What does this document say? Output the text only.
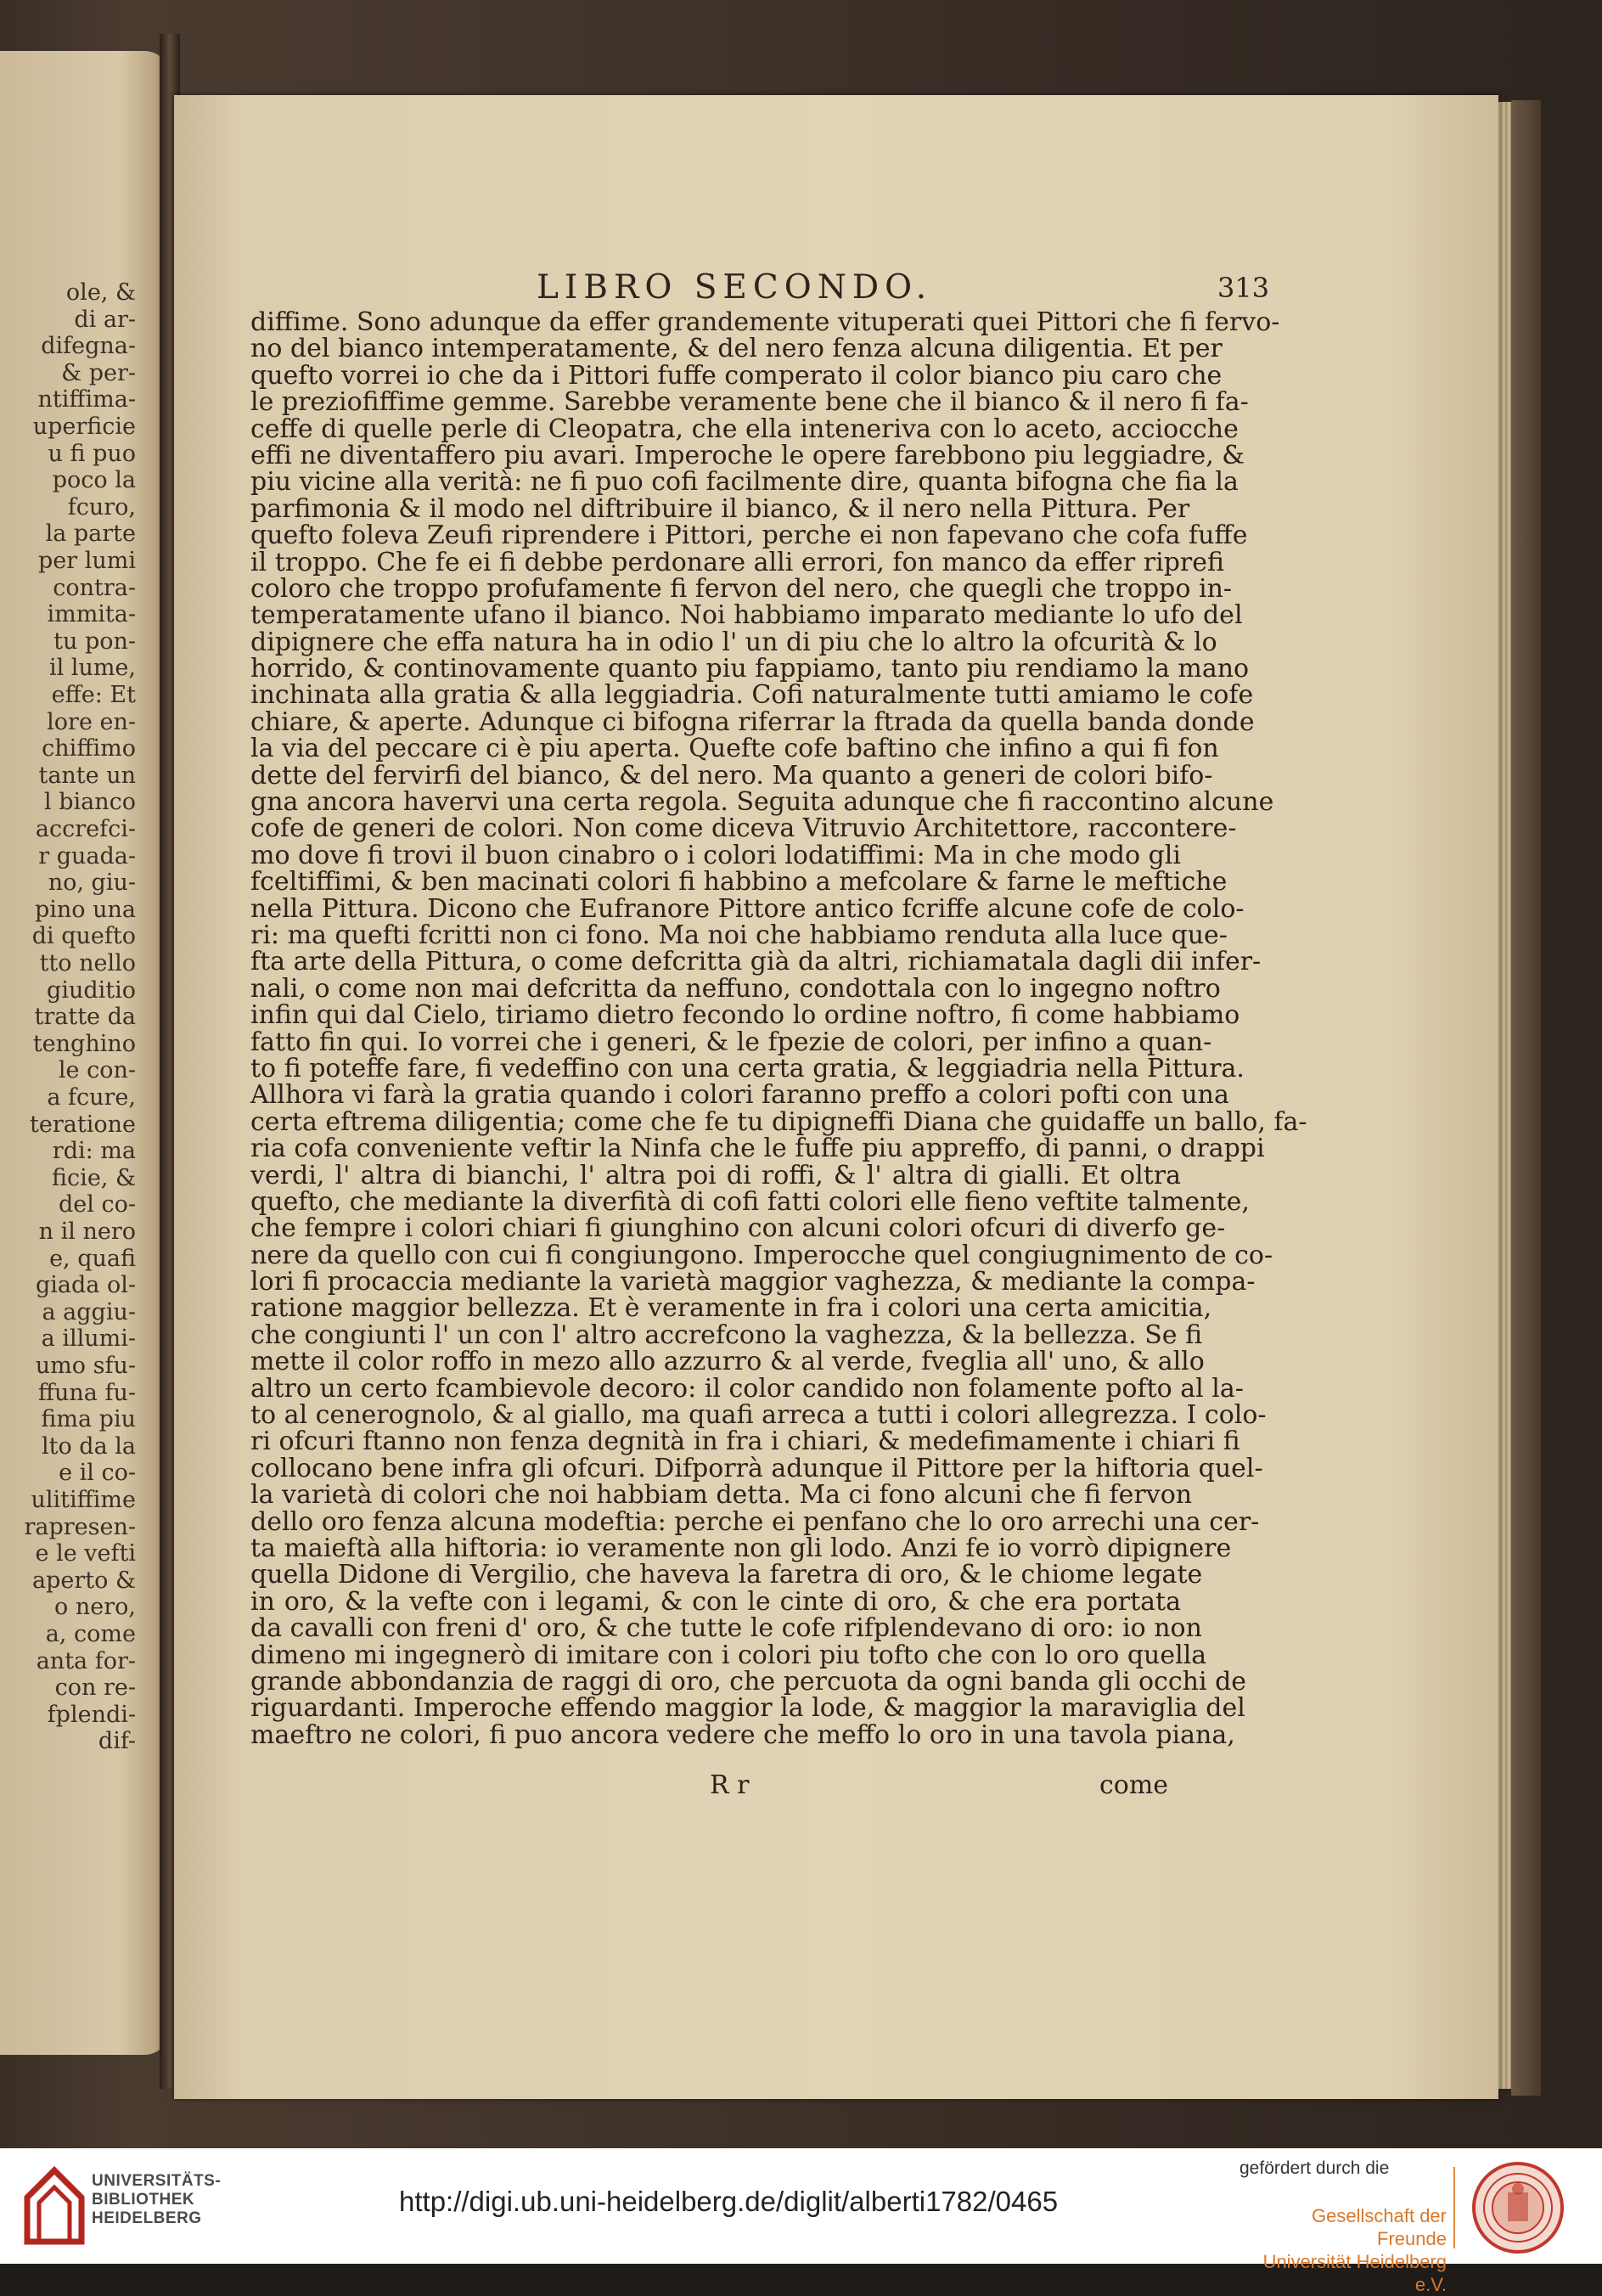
ole, &
di ar-
difegna-
& per-
ntiffima-
uperficie
u fi puo
poco la
fcuro,
la parte
per lumi
contra-
immita-
tu pon-
il lume,
effe: Et
lore en-
chiffimo
tante un
l bianco
accrefci-
r guada-
no, giu-
pino una
di quefto
tto nello
giuditio
tratte da
tenghino
le con-
a fcure,
teratione
rdi: ma
ficie, &
del co-
n il nero
e, quafi
giada ol-
a aggiu-
a illumi-
umo sfu-
ffuna fu-
fima piu
lto da la
e il co-
ulitiffime
rapresen-
e le vefti
aperto &
o nero,
a, come
anta for-
con re-
fplendi-
dif-
LIBRO SECONDO.	313
diffime. Sono adunque da effer grandemente vituperati quei Pittori che fi fervo-
no del bianco intemperatamente, & del nero fenza alcuna diligentia. Et per
quefto vorrei io che da i Pittori fuffe comperato il color bianco piu caro che
le preziofiffime gemme. Sarebbe veramente bene che il bianco & il nero fi fa-
ceffe di quelle perle di Cleopatra, che ella inteneriva con lo aceto, acciocche
effi ne diventaffero piu avari. Imperoche le opere farebbono piu leggiadre, &
piu vicine alla verità: ne fi puo cofi facilmente dire, quanta bifogna che fia la
parfimonia & il modo nel diftribuire il bianco, & il nero nella Pittura. Per
quefto foleva Zeufi riprendere i Pittori, perche ei non fapevano che cofa fuffe
il troppo. Che fe ei fi debbe perdonare alli errori, fon manco da effer riprefi
coloro che troppo profufamente fi fervon del nero, che quegli che troppo in-
temperatamente ufano il bianco. Noi habbiamo imparato mediante lo ufo del
dipignere che effa natura ha in odio l' un di piu che lo altro la ofcurità & lo
horrido, & continovamente quanto piu fappiamo, tanto piu rendiamo la mano
inchinata alla gratia & alla leggiadria. Cofi naturalmente tutti amiamo le cofe
chiare, & aperte. Adunque ci bifogna riferrar la ftrada da quella banda donde
la via del peccare ci è piu aperta. Quefte cofe baftino che infino a qui fi fon
dette del fervirfi del bianco, & del nero. Ma quanto a generi de colori bifo-
gna ancora havervi una certa regola. Seguita adunque che fi raccontino alcune
cofe de generi de colori. Non come diceva Vitruvio Architettore, raccontere-
mo dove fi trovi il buon cinabro o i colori lodatiffimi: Ma in che modo gli
fceltiffimi, & ben macinati colori fi habbino a mefcolare & farne le meftiche
nella Pittura. Dicono che Eufranore Pittore antico fcriffe alcune cofe de colo-
ri: ma quefti fcritti non ci fono. Ma noi che habbiamo renduta alla luce que-
fta arte della Pittura, o come defcritta già da altri, richiamatala dagli dii infer-
nali, o come non mai defcritta da neffuno, condottala con lo ingegno noftro
infin qui dal Cielo, tiriamo dietro fecondo lo ordine noftro, fi come habbiamo
fatto fin qui. Io vorrei che i generi, & le fpezie de colori, per infino a quan-
to fi poteffe fare, fi vedeffino con una certa gratia, & leggiadria nella Pittura.
Allhora vi farà la gratia quando i colori faranno preffo a colori pofti con una
certa eftrema diligentia; come che fe tu dipigneffi Diana che guidaffe un ballo, fa-
ria cofa conveniente veftir la Ninfa che le fuffe piu appreffo, di panni, o drappi
verdi, l' altra di bianchi, l' altra poi di roffi, & l' altra di gialli. Et oltra
quefto, che mediante la diverfità di cofi fatti colori elle fieno veftite talmente,
che fempre i colori chiari fi giunghino con alcuni colori ofcuri di diverfo ge-
nere da quello con cui fi congiungono. Imperocche quel congiugnimento de co-
lori fi procaccia mediante la varietà maggior vaghezza, & mediante la compa-
ratione maggior bellezza. Et è veramente in fra i colori una certa amicitia,
che congiunti l' un con l' altro accrefcono la vaghezza, & la bellezza. Se fi
mette il color roffo in mezo allo azzurro & al verde, fveglia all' uno, & allo
altro un certo fcambievole decoro: il color candido non folamente pofto al la-
to al cenerognolo, & al giallo, ma quafi arreca a tutti i colori allegrezza. I colo-
ri ofcuri ftanno non fenza degnità in fra i chiari, & medefimamente i chiari fi
collocano bene infra gli ofcuri. Difporrà adunque il Pittore per la hiftoria quel-
la varietà di colori che noi habbiam detta. Ma ci fono alcuni che fi fervon
dello oro fenza alcuna modeftia: perche ei penfano che lo oro arrechi una cer-
ta maieftà alla hiftoria: io veramente non gli lodo. Anzi fe io vorrò dipignere
quella Didone di Vergilio, che haveva la faretra di oro, & le chiome legate
in oro, & la vefte con i legami, & con le cinte di oro, & che era portata
da cavalli con freni d' oro, & che tutte le cofe rifplendevano di oro: io non
dimeno mi ingegnerò di imitare con i colori piu tofto che con lo oro quella
grande abbondanzia de raggi di oro, che percuota da ogni banda gli occhi de
riguardanti. Imperoche effendo maggior la lode, & maggior la maraviglia del
maeftro ne colori, fi puo ancora vedere che meffo lo oro in una tavola piana,
R r	come
UNIVERSITÄTS-
BIBLIOTHEK
HEIDELBERG
http://digi.ub.uni-heidelberg.de/diglit/alberti1782/0465
gefördert durch die
Gesellschaft der Freunde
Universität Heidelberg e.V.
